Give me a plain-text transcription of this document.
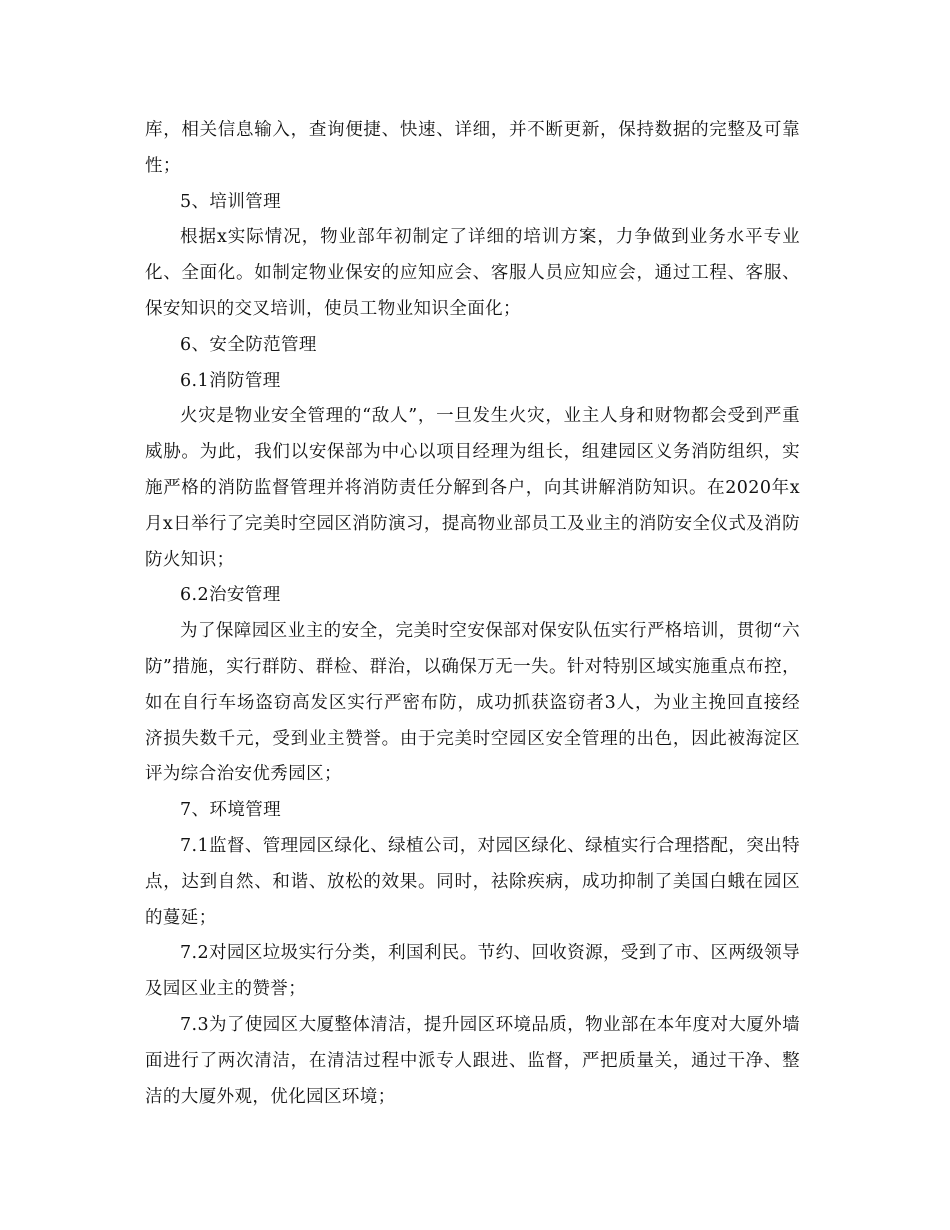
库，相关信息输入，查询便捷、快速、详细，并不断更新，保持数据的完整及可靠性；

5、培训管理

根据x实际情况，物业部年初制定了详细的培训方案，力争做到业务水平专业化、全面化。如制定物业保安的应知应会、客服人员应知应会，通过工程、客服、保安知识的交叉培训，使员工物业知识全面化；

6、安全防范管理

6.1消防管理

火灾是物业安全管理的“敌人”，一旦发生火灾，业主人身和财物都会受到严重威胁。为此，我们以安保部为中心以项目经理为组长，组建园区义务消防组织，实施严格的消防监督管理并将消防责任分解到各户，向其讲解消防知识。在2020年x月x日举行了完美时空园区消防演习，提高物业部员工及业主的消防安全仪式及消防防火知识；

6.2治安管理

为了保障园区业主的安全，完美时空安保部对保安队伍实行严格培训，贯彻“六防”措施，实行群防、群检、群治，以确保万无一失。针对特别区域实施重点布控，如在自行车场盗窃高发区实行严密布防，成功抓获盗窃者3人，为业主挽回直接经济损失数千元，受到业主赞誉。由于完美时空园区安全管理的出色，因此被海淀区评为综合治安优秀园区；

7、环境管理

7.1监督、管理园区绿化、绿植公司，对园区绿化、绿植实行合理搭配，突出特点，达到自然、和谐、放松的效果。同时，祛除疾病，成功抑制了美国白蛾在园区的蔓延；

7.2对园区垃圾实行分类，利国利民。节约、回收资源，受到了市、区两级领导及园区业主的赞誉；

7.3为了使园区大厦整体清洁，提升园区环境品质，物业部在本年度对大厦外墙面进行了两次清洁，在清洁过程中派专人跟进、监督，严把质量关，通过干净、整洁的大厦外观，优化园区环境；
